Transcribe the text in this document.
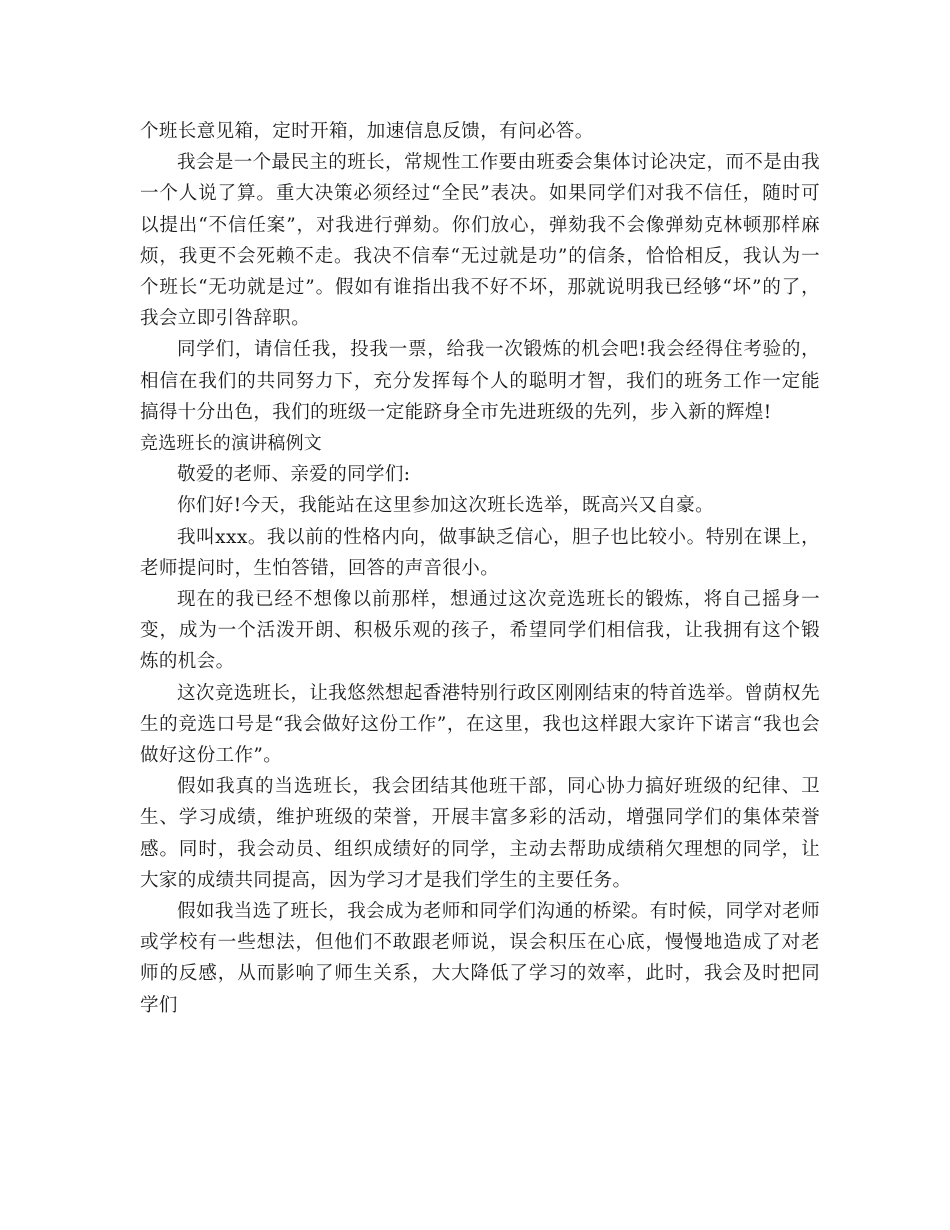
个班长意见箱，定时开箱，加速信息反馈，有问必答。

我会是一个最民主的班长，常规性工作要由班委会集体讨论决定，而不是由我一个人说了算。重大决策必须经过“全民”表决。如果同学们对我不信任，随时可以提出“不信任案”，对我进行弹劾。你们放心，弹劾我不会像弹劾克林顿那样麻烦，我更不会死赖不走。我决不信奉“无过就是功”的信条，恰恰相反，我认为一个班长“无功就是过”。假如有谁指出我不好不坏，那就说明我已经够“坏”的了，我会立即引咎辞职。

同学们，请信任我，投我一票，给我一次锻炼的机会吧!我会经得住考验的，相信在我们的共同努力下，充分发挥每个人的聪明才智，我们的班务工作一定能搞得十分出色，我们的班级一定能跻身全市先进班级的先列，步入新的辉煌!

竞选班长的演讲稿例文

敬爱的老师、亲爱的同学们:

你们好!今天，我能站在这里参加这次班长选举，既高兴又自豪。

我叫xxx。我以前的性格内向，做事缺乏信心，胆子也比较小。特别在课上，老师提问时，生怕答错，回答的声音很小。

现在的我已经不想像以前那样，想通过这次竞选班长的锻炼，将自己摇身一变，成为一个活泼开朗、积极乐观的孩子，希望同学们相信我，让我拥有这个锻炼的机会。

这次竞选班长，让我悠然想起香港特别行政区刚刚结束的特首选举。曾荫权先生的竞选口号是“我会做好这份工作”，在这里，我也这样跟大家许下诺言“我也会做好这份工作”。

假如我真的当选班长，我会团结其他班干部，同心协力搞好班级的纪律、卫生、学习成绩，维护班级的荣誉，开展丰富多彩的活动，增强同学们的集体荣誉感。同时，我会动员、组织成绩好的同学，主动去帮助成绩稍欠理想的同学，让大家的成绩共同提高，因为学习才是我们学生的主要任务。

假如我当选了班长，我会成为老师和同学们沟通的桥梁。有时候，同学对老师或学校有一些想法，但他们不敢跟老师说，误会积压在心底，慢慢地造成了对老师的反感，从而影响了师生关系，大大降低了学习的效率，此时，我会及时把同学们
